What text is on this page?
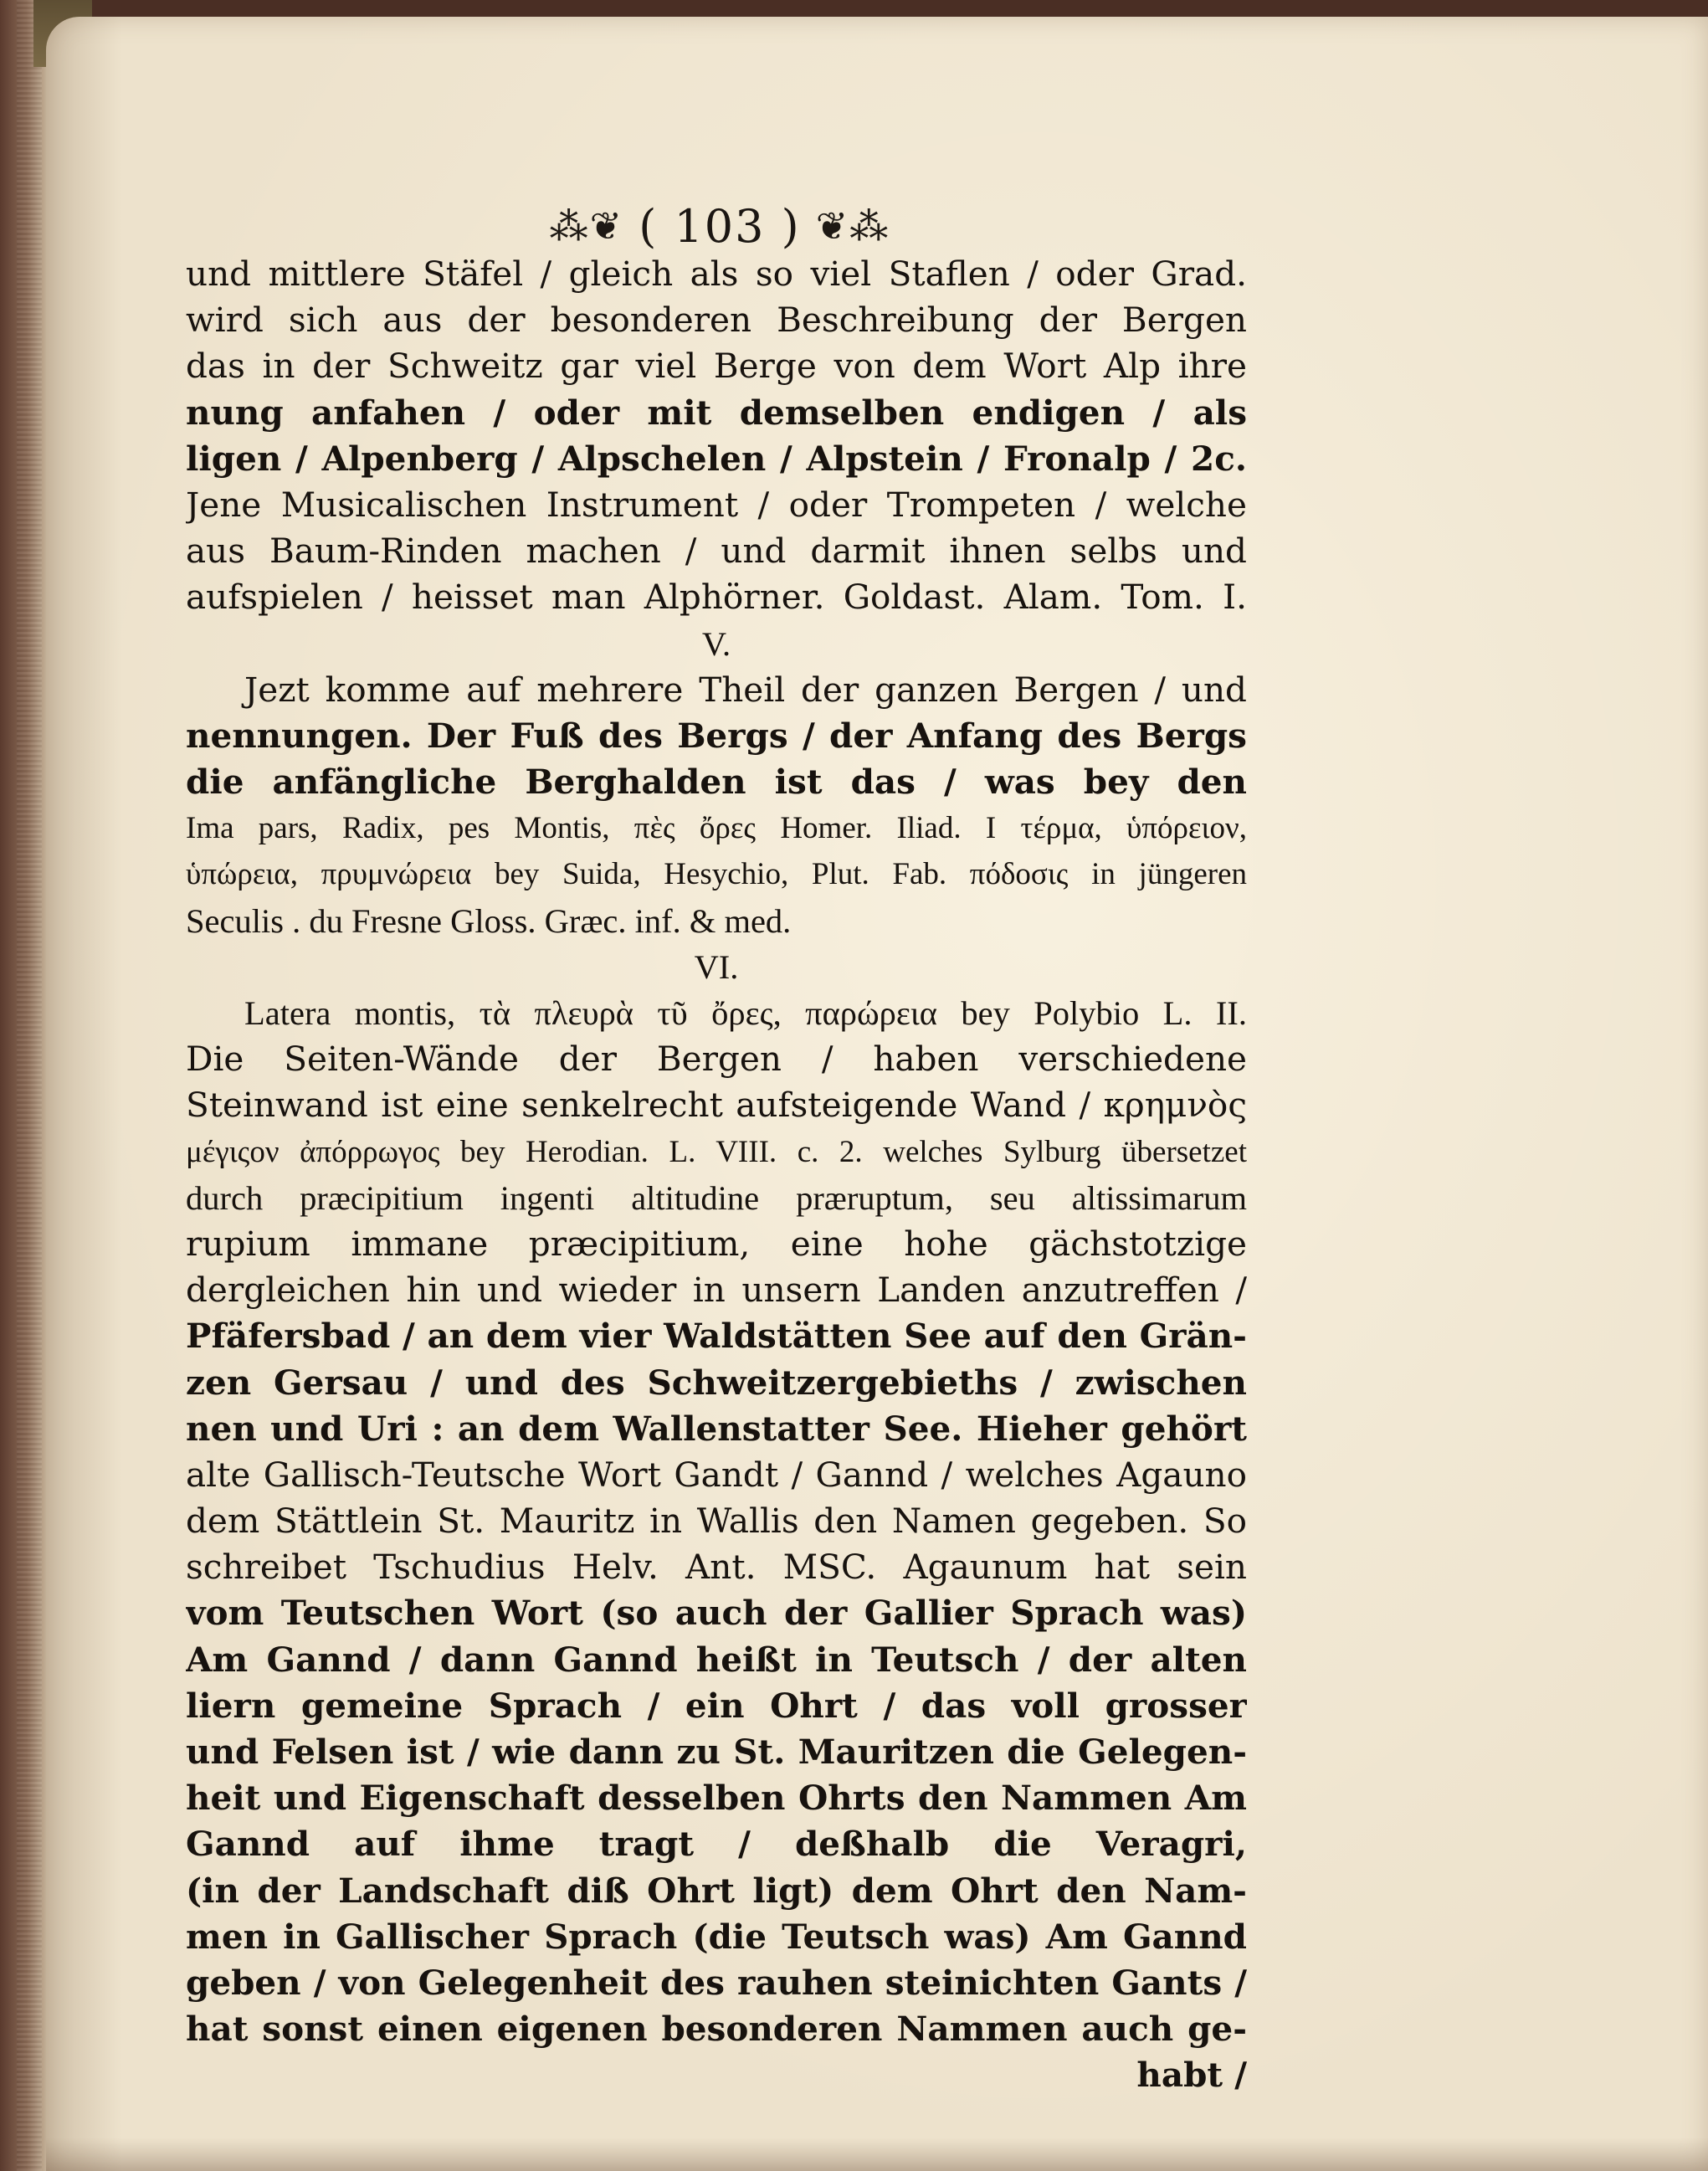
⁂❦ ( 103 ) ❦⁂
und mittlere Stäfel / gleich als so viel Staflen / oder Grad.
wird sich aus der besonderen Beschreibung der Bergen
das in der Schweitz gar viel Berge von dem Wort Alp ihre
nung anfahen / oder mit demselben endigen / als
ligen / Alpenberg / Alpschelen / Alpstein / Fronalp / 2c.
Jene Musicalischen Instrument / oder Trompeten / welche
aus Baum-Rinden machen / und darmit ihnen selbs und
aufspielen / heisset man Alphörner. Goldast. Alam. Tom. I.
V.
Jezt komme auf mehrere Theil der ganzen Bergen / und
nennungen. Der Fuß des Bergs / der Anfang des Bergs
die anfängliche Berghalden ist das / was bey den
Ima pars, Radix, pes Montis, πὲς ὄρες Homer. Iliad. I τέρμα, ὑπόρειον,
ὑπώρεια, πρυμνώρεια bey Suida, Hesychio, Plut. Fab. πόδοσις in jüngeren
Seculis . du Fresne Gloss. Græc. inf. & med.
VI.
Latera montis, τὰ πλευρὰ τῦ ὄρες, παρώρεια bey Polybio L. II.
Die Seiten-Wände der Bergen / haben verschiedene
Steinwand ist eine senkelrecht aufsteigende Wand / κρημνὸς
μέγιςον ἀπόρρωγος bey Herodian. L. VIII. c. 2. welches Sylburg übersetzet
durch præcipitium ingenti altitudine præruptum, seu altissimarum
rupium immane præcipitium, eine hohe gächstotzige
dergleichen hin und wieder in unsern Landen anzutreffen /
Pfäfersbad / an dem vier Waldstätten See auf den Grän-
zen Gersau / und des Schweitzergebieths / zwischen
nen und Uri : an dem Wallenstatter See. Hieher gehört
alte Gallisch-Teutsche Wort Gandt / Gannd / welches Agauno
dem Stättlein St. Mauritz in Wallis den Namen gegeben. So
schreibet Tschudius Helv. Ant. MSC. Agaunum hat sein
vom Teutschen Wort (so auch der Gallier Sprach was)
Am Gannd / dann Gannd heißt in Teutsch / der alten
liern gemeine Sprach / ein Ohrt / das voll grosser
und Felsen ist / wie dann zu St. Mauritzen die Gelegen-
heit und Eigenschaft desselben Ohrts den Nammen Am
Gannd auf ihme tragt / deßhalb die Veragri,
(in der Landschaft diß Ohrt ligt) dem Ohrt den Nam-
men in Gallischer Sprach (die Teutsch was) Am Gannd
geben / von Gelegenheit des rauhen steinichten Gants /
hat sonst einen eigenen besonderen Nammen auch ge-
habt /
